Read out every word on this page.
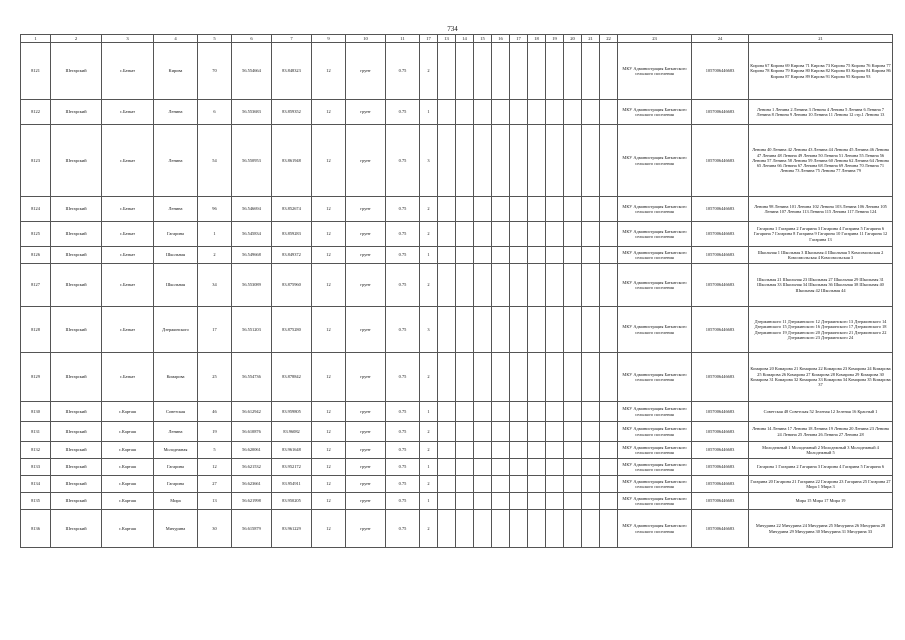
734
1	2	3	4	5	6	7	9	10	11	17	13	14	15	16	17	18	19	20	21	22	23	24	21
8121	Шегарский	с.Баткат	Кирова	70	56.554664	83.848323	12	грунт	0.75	2											МКУ Администрация Баткатского сельского поселения	1057006446683	Кирова 67 Кирова 69 Кирова 71 Кирова 73 Кирова 75 Кирова 76 Кирова 77 Кирова 78 Кирова 79 Кирова 80 Кирова 82 Кирова 83 Кирова 84 Кирова 86 Кирова 87 Кирова 89 Кирова 91 Кирова 95 Кирова 93
8122	Шегарский	с.Баткат	Ленина	6	56.553683	83.859352	12	грунт	0.75	1											МКУ Администрация Баткатского сельского поселения	1057006446683	Ленина 1 Ленина 2 Ленина 3 Ленина 4 Ленина 5 Ленина 6 Ленина 7 Ленина 8 Ленина 9 Ленина 10 Ленина 11 Ленина 12 стр.1 Ленина 13
8123	Шегарский	с.Баткат	Ленина	54	56.550953	83.861948	12	грунт	0.75	3											МКУ Администрация Баткатского сельского поселения	1057006446683	Ленина 40 Ленина 42 Ленина 43 Ленина 44 Ленина 45 Ленина 46 Ленина 47 Ленина 48 Ленина 49 Ленина 50 Ленина 51 Ленина 55 Ленина 56 Ленина 57 Ленина 58 Ленина 59 Ленина 60 Ленина 62 Ленина 64 Ленина 65 Ленина 66 Ленина 67 Ленина 68 Ленина 69 Ленина 70 Ленина 71 Ленина 73 Ленина 75 Ленина 77 Ленина 79
8124	Шегарский	с.Баткат	Ленина	96	56.546694	83.852674	12	грунт	0.75	2											МКУ Администрация Баткатского сельского поселения	1057006446683	Ленина 98 Ленина 101 Ленина 102 Ленина 103 Ленина 106 Ленина 105 Ленина 107 Ленина 113 Ленина 115 Ленина 117 Ленина 124
8125	Шегарский	с.Баткат	Гагарина	1	56.545834	83.859283	12	грунт	0.75	2											МКУ Администрация Баткатского сельского поселения	1057006446683	Гагарина 1 Гагарина 2 Гагарина 3 Гагарина 4 Гагарина 5 Гагарина 6 Гагарина 7 Гагарина 8 Гагарина 9 Гагарина 10 Гагарина 11 Гагарина 12 Гагарина 13
8126	Шегарский	с.Баткат	Школьная	2	56.549668	83.849372	12	грунт	0.75	1											МКУ Администрация Баткатского сельского поселения	1057006446683	Школьная 1 Школьная 3 Школьная 4 Школьная 5 Комсомольская 2 Комсомольская 4 Комсомольская 3
8127	Шегарский	с.Баткат	Школьная	34	56.553089	83.875960	12	грунт	0.75	2											МКУ Администрация Баткатского сельского поселения	1057006446683	Школьная 21 Школьная 23 Школьная 27 Школьная 29 Школьная 31 Школьная 33 Школьная 34 Школьная 36 Школьная 38 Школьная 40 Школьная 42 Школьная 44
8128	Шегарский	с.Баткат	Дзержинского	17	56.551203	83.875280	12	грунт	0.75	3											МКУ Администрация Баткатского сельского поселения	1057006446683	Дзержинского 11 Дзержинского 12 Дзержинского 13 Дзержинского 14 Дзержинского 15 Дзержинского 16 Дзержинского 17 Дзержинского 18 Дзержинского 19 Дзержинского 20 Дзержинского 21 Дзержинского 22 Дзержинского 23 Дзержинского 24
8129	Шегарский	с.Баткат	Комарова	25	56.554736	83.878842	12	грунт	0.75	2											МКУ Администрация Баткатского сельского поселения	1057006446683	Комарова 20 Комарова 21 Комарова 22 Комарова 23 Комарова 24 Комарова 25 Комарова 26 Комарова 27 Комарова 28 Комарова 29 Комарова 30 Комарова 31 Комарова 32 Комарова 33 Комарова 34 Комарова 35 Комарова 37
8130	Шегарский	с.Карташ	Советская	46	56.612942	83.959805	12	грунт	0.75	1											МКУ Администрация Баткатского сельского поселения	1057006446683	Советская 48 Советская 52 Зеленая 12 Зеленая 16 Красный 1
8131	Шегарский	с.Карташ	Ленина	19	56.610876	83.96082	12	грунт	0.75	2											МКУ Администрация Баткатского сельского поселения	1057006446683	Ленина 14 Ленина 17 Ленина 18 Ленина 19 Ленина 20 Ленина 23 Ленина 24 Ленина 25 Ленина 26 Ленина 27 Ленина 28
8132	Шегарский	с.Карташ	Молодежная	5	56.620061	83.961648	12	грунт	0.75	2											МКУ Администрация Баткатского сельского поселения	1057006446683	Молодежный 1 Молодежный 2 Молодежный 3 Молодежный 4 Молодежный 5
8133	Шегарский	с.Карташ	Гагарина	12	56.621532	83.952172	12	грунт	0.75	1											МКУ Администрация Баткатского сельского поселения	1057006446683	Гагарина 1 Гагарина 2 Гагарина 3 Гагарина 4 Гагарина 5 Гагарина 6
8134	Шегарский	с.Карташ	Гагарина	27	56.623661	83.954911	12	грунт	0.75	2											МКУ Администрация Баткатского сельского поселения	1057006446683	Гагарина 20 Гагарина 21 Гагарина 22 Гагарина 23 Гагарина 25 Гагарина 27 Мира 1 Мира 3
8135	Шегарский	с.Карташ	Мира	13	56.621998	83.950205	12	грунт	0.75	1											МКУ Администрация Баткатского сельского поселения	1057006446683	Мира 15 Мира 17 Мира 19
8136	Шегарский	с.Карташ	Мичурина	30	56.615879	83.961229	12	грунт	0.75	2											МКУ Администрация Баткатского сельского поселения	1057006446683	Мичурина 22 Мичурина 24 Мичурина 25 Мичурина 26 Мичурина 28 Мичурина 29 Мичурина 30 Мичурина 31 Мичурина 33
